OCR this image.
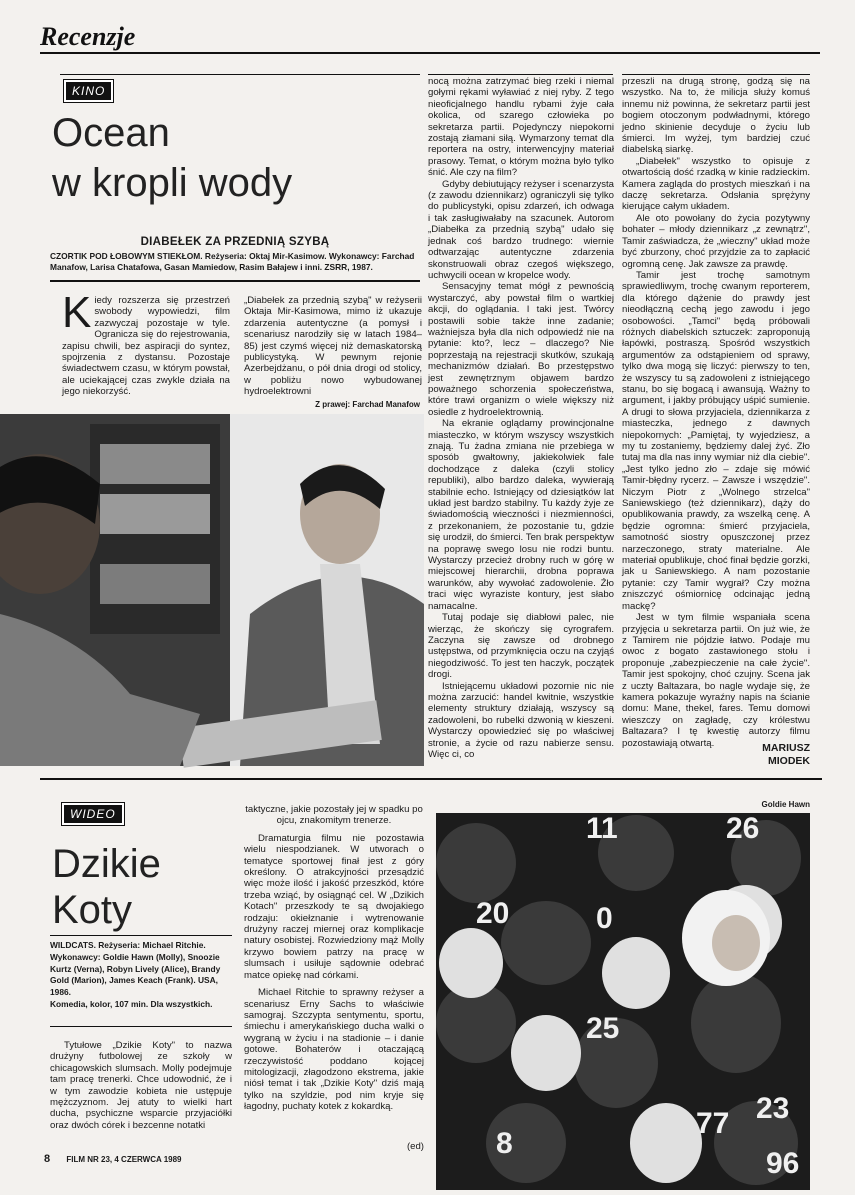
Recenzje
KINO
Ocean
w kropli wody
DIABEŁEK ZA PRZEDNIĄ SZYBĄ
CZORTIK POD ŁOBOWYM STIEKŁOM. Reżyseria: Oktaj Mir-Kasimow. Wykonawcy: Farchad Manafow, Larisa Chatafowa, Gasan Mamiedow, Rasim Bałajew i inni. ZSRR, 1987.
K iedy rozszerza się przestrzeń swobody wypowiedzi, film zazwyczaj pozostaje w tyle. Ogranicza się do rejestrowania, zapisu chwili, bez aspiracji do syntez, spojrzenia z dystansu. Pozostaje świadectwem czasu, w którym powstał, ale uciekającej czas zwykle działa na jego niekorzyść.
„Diabełek za przednią szybą" w reżyserii Oktaja Mir-Kasimowa, mimo iż ukazuje zdarzenia autentyczne (a pomysł i scenariusz narodziły się w latach 1984–85) jest czymś więcej niż demaskatorską publicystyką. W pewnym rejonie Azerbejdżanu, o pół dnia drogi od stolicy, w pobliżu nowo wybudowanej hydroelektrowni
Z prawej: Farchad Manafow

nocą można zatrzymać bieg rzeki i niemal gołymi rękami wyławiać z niej ryby. Z tego nieoficjalnego handlu rybami żyje cała okolica, od szarego człowieka po sekretarza partii. Pojedynczy niepokorni zostają złamani siłą. Wymarzony temat dla reportera na ostry, interwencyjny materiał prasowy. Temat, o którym można było tylko śnić. Ale czy na film?

Gdyby debiutujący reżyser i scenarzysta (z zawodu dziennikarz) ograniczyli się tylko do publicystyki, opisu zdarzeń, ich odwaga i tak zasługiwałaby na szacunek. Autorom „Diabełka za przednią szybą" udało się jednak coś bardzo trudnego: wiernie odtwarzając autentyczne zdarzenia skonstruowali obraz czegoś większego, uchwycili ocean w kropelce wody.

Sensacyjny temat mógł z pewnością wystarczyć, aby powstał film o wartkiej akcji, do oglądania. I taki jest. Twórcy postawili sobie także inne zadanie; ważniejsza była dla nich odpowiedź nie na pytanie: kto?, lecz – dlaczego? Nie poprzestają na rejestracji skutków, szukają mechanizmów działań. Bo przestępstwo jest zewnętrznym objawem bardzo poważnego schorzenia społeczeństwa, które trawi organizm o wiele większy niż osiedle z hydroelektrownią.

Na ekranie oglądamy prowincjonalne miasteczko, w którym wszyscy wszystkich znają. Tu żadna zmiana nie przebiega w sposób gwałtowny, jakiekolwiek fale dochodzące z daleka (czyli stolicy republiki), albo bardzo daleka, wywierają stabilnie echo. Istniejący od dziesiątków lat układ jest bardzo stabilny. Tu każdy żyje ze świadomością wieczności i niezmienności, z przekonaniem, że pozostanie tu, gdzie się urodził, do śmierci. Ten brak perspektyw na poprawę swego losu nie rodzi buntu. Wystarczy przecież drobny ruch w górę w miejscowej hierarchii, drobna poprawa warunków, aby wywołać zadowolenie. Źło traci więc wyraziste kontury, jest słabo namacalne.

Tutaj podaje się diabłowi palec, nie wierząc, że skończy się cyrografem. Zaczyna się zawsze od drobnego ustępstwa, od przymknięcia oczu na czyjąś niegodziwość. To jest ten haczyk, początek drogi.

Istniejącemu układowi pozornie nic nie można zarzucić: handel kwitnie, wszystkie elementy struktury działają, wszyscy są zadowoleni, bo rubelki dzwonią w kieszeni. Wystarczy opowiedzieć się po właściwej stronie, a życie od razu nabierze sensu. Więc ci, co

przeszli na drugą stronę, godzą się na wszystko. Na to, że milicja służy komuś innemu niż powinna, że sekretarz partii jest bogiem otoczonym podwładnymi, którego jedno skinienie decyduje o życiu lub śmierci. Im wyżej, tym bardziej czuć diabelską siarkę.

„Diabełek" wszystko to opisuje z otwartością dość rzadką w kinie radzieckim. Kamera zagląda do prostych mieszkań i na daczę sekretarza. Odsłania sprężyny kierujące całym układem.

Ale oto powołany do życia pozytywny bohater – młody dziennikarz „z zewnątrz", Tamir zaświadcza, że „wieczny" układ może być zburzony, choć przyjdzie za to zapłacić ogromną cenę. Jak zawsze za prawdę.

Tamir jest trochę samotnym sprawiedliwym, trochę cwanym reporterem, dla którego dążenie do prawdy jest nieodłączną cechą jego zawodu i jego osobowości. „Tamci" będą próbowali różnych diabelskich sztuczek: zaproponują łapówki, postraszą. Spośród wszystkich argumentów za odstąpieniem od sprawy, tylko dwa mogą się liczyć: pierwszy to ten, że wszyscy tu są zadowoleni z istniejącego stanu, bo się bogacą i awansują. Ważny to argument, i jakby próbujący uśpić sumienie. A drugi to słowa przyjaciela, dziennikarza z miasteczka, jednego z dawnych niepokornych: „Pamiętaj, ty wyjedziesz, a my tu zostaniemy, będziemy dalej żyć. Zło tutaj ma dla nas inny wymiar niż dla ciebie". „Jest tylko jedno zło – zdaje się mówić Tamir-błędny rycerz. – Zawsze i wszędzie". Niczym Piotr z „Wolnego strzelca" Saniewskiego (też dziennikarz), dąży do opublikowania prawdy, za wszelką cenę. A będzie ogromna: śmierć przyjaciela, samotność siostry opuszczonej przez narzeczonego, straty materialne. Ale materiał opublikuje, choć finał będzie gorzki, jak u Saniewskiego. A nam pozostanie pytanie: czy Tamir wygrał? Czy można zniszczyć ośmiornicę odcinając jedną mackę?

Jest w tym filmie wspaniała scena przyjęcia u sekretarza partii. On już wie, że z Tamirem nie pójdzie łatwo. Podaje mu owoc z bogato zastawionego stołu i proponuje „zabezpieczenie na całe życie". Tamir jest spokojny, choć czujny. Scena jak z uczty Baltazara, bo nagle wydaje się, że kamera pokazuje wyraźny napis na ścianie domu: Mane, thekel, fares. Temu domowi wieszczy on zagładę, czy królestwu Baltazara? I tę kwestię autorzy filmu pozostawiają otwartą.	MARIUSZ
MIODEK
WIDEO
Dzikie
Koty
WILDCATS. Reżyseria: Michael Ritchie. Wykonawcy: Goldie Hawn (Molly), Snoozie Kurtz (Verna), Robyn Lively (Alice), Brandy Gold (Marion), James Keach (Frank). USA, 1986.
Komedia, kolor, 107 min. Dla wszystkich.

Tytułowe „Dzikie Koty" to nazwa drużyny futbolowej ze szkoły w chicagowskich slumsach. Molly podejmuje tam pracę trenerki. Chce udowodnić, że i w tym zawodzie kobieta nie ustępuje mężczyznom. Jej atuty to wielki hart ducha, psychiczne wsparcie przyjaciółki oraz dwóch córek i bezcenne notatki

taktyczne, jakie pozostały jej w spadku po ojcu, znakomitym trenerze.

Dramaturgia filmu nie pozostawia wielu niespodzianek. W utworach o tematyce sportowej finał jest z góry określony. O atrakcyjności przesądzić więc może ilość i jakość przeszkód, które trzeba wziąć, by osiągnąć cel. W „Dzikich Kotach" przeszkody te są dwojakiego rodzaju: okiełznanie i wytrenowanie drużyny raczej miernej oraz komplikacje natury osobistej. Rozwiedziony mąż Molly krzywo bowiem patrzy na pracę w slumsach i usiłuje sądownie odebrać matce opiekę nad córkami.

Michael Ritchie to sprawny reżyser a scenariusz Erny Sachs to właściwie samograj. Szczypta sentymentu, sportu, śmiechu i amerykańskiego ducha walki o wygraną w życiu i na stadionie – i danie gotowe. Bohaterów i otaczającą rzeczywistość poddano kojącej mitologizacji, złagodzono ekstrema, jakie niósł temat i tak „Dzikie Koty" dziś mają tylko na szyldzie, pod nim kryje się łagodny, puchaty kotek z kokardką.

(ed)
Goldie Hawn
11	26
20	0
25
23
96
77
8
8 FILM NR 23, 4 CZERWCA 1989
